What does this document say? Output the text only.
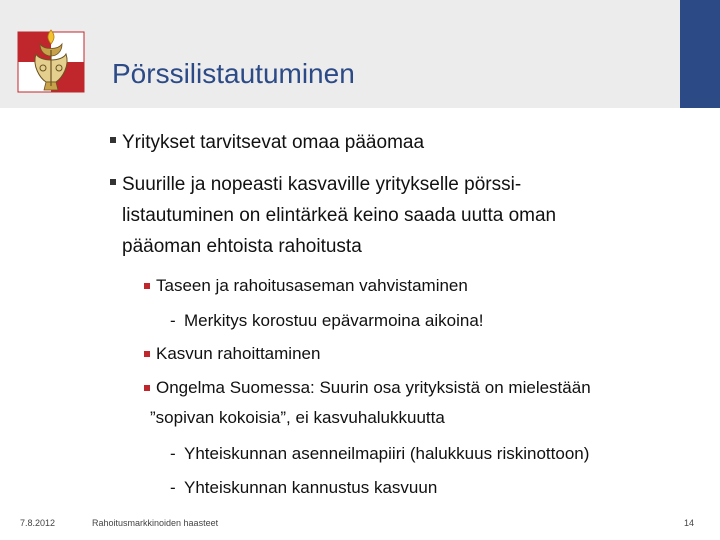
Pörssilistautuminen
Yritykset tarvitsevat omaa pääomaa
Suurille ja nopeasti kasvaville yritykselle pörssi-
listautuminen on elintärkeä keino saada uutta oman
pääoman ehtoista rahoitusta
Taseen ja rahoitusaseman vahvistaminen
- Merkitys korostuu epävarmoina aikoina!
Kasvun rahoittaminen
Ongelma Suomessa: Suurin osa yrityksistä on mielestään
”sopivan kokoisia”, ei kasvuhalukkuutta
- Yhteiskunnan asenneilmapiiri (halukkuus riskinottoon)
- Yhteiskunnan kannustus kasvuun
7.8.2012	Rahoitusmarkkinoiden haasteet	14
